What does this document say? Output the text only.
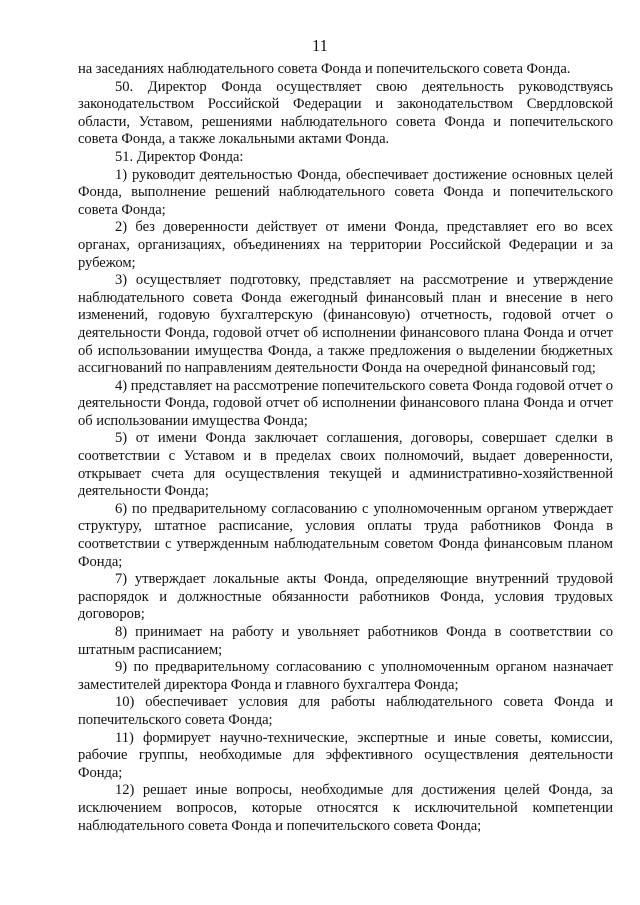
11

на заседаниях наблюдательного совета Фонда и попечительского совета Фонда.

50. Директор Фонда осуществляет свою деятельность руководствуясь законодательством Российской Федерации и законодательством Свердловской области, Уставом, решениями наблюдательного совета Фонда и попечительского совета Фонда, а также локальными актами Фонда.

51. Директор Фонда:

1) руководит деятельностью Фонда, обеспечивает достижение основных целей Фонда, выполнение решений наблюдательного совета Фонда и попечительского совета Фонда;

2) без доверенности действует от имени Фонда, представляет его во всех органах, организациях, объединениях на территории Российской Федерации и за рубежом;

3) осуществляет подготовку, представляет на рассмотрение и утверждение наблюдательного совета Фонда ежегодный финансовый план и внесение в него изменений, годовую бухгалтерскую (финансовую) отчетность, годовой отчет о деятельности Фонда, годовой отчет об исполнении финансового плана Фонда и отчет об использовании имущества Фонда, а также предложения о выделении бюджетных ассигнований по направлениям деятельности Фонда на очередной финансовый год;

4) представляет на рассмотрение попечительского совета Фонда годовой отчет о деятельности Фонда, годовой отчет об исполнении финансового плана Фонда и отчет об использовании имущества Фонда;

5) от имени Фонда заключает соглашения, договоры, совершает сделки в соответствии с Уставом и в пределах своих полномочий, выдает доверенности, открывает счета для осуществления текущей и административно-хозяйственной деятельности Фонда;

6) по предварительному согласованию с уполномоченным органом утверждает структуру, штатное расписание, условия оплаты труда работников Фонда в соответствии с утвержденным наблюдательным советом Фонда финансовым планом Фонда;

7) утверждает локальные акты Фонда, определяющие внутренний трудовой распорядок и должностные обязанности работников Фонда, условия трудовых договоров;

8) принимает на работу и увольняет работников Фонда в соответствии со штатным расписанием;

9) по предварительному согласованию с уполномоченным органом назначает заместителей директора Фонда и главного бухгалтера Фонда;

10) обеспечивает условия для работы наблюдательного совета Фонда и попечительского совета Фонда;

11) формирует научно-технические, экспертные и иные советы, комиссии, рабочие группы, необходимые для эффективного осуществления деятельности Фонда;

12) решает иные вопросы, необходимые для достижения целей Фонда, за исключением вопросов, которые относятся к исключительной компетенции наблюдательного совета Фонда и попечительского совета Фонда;
